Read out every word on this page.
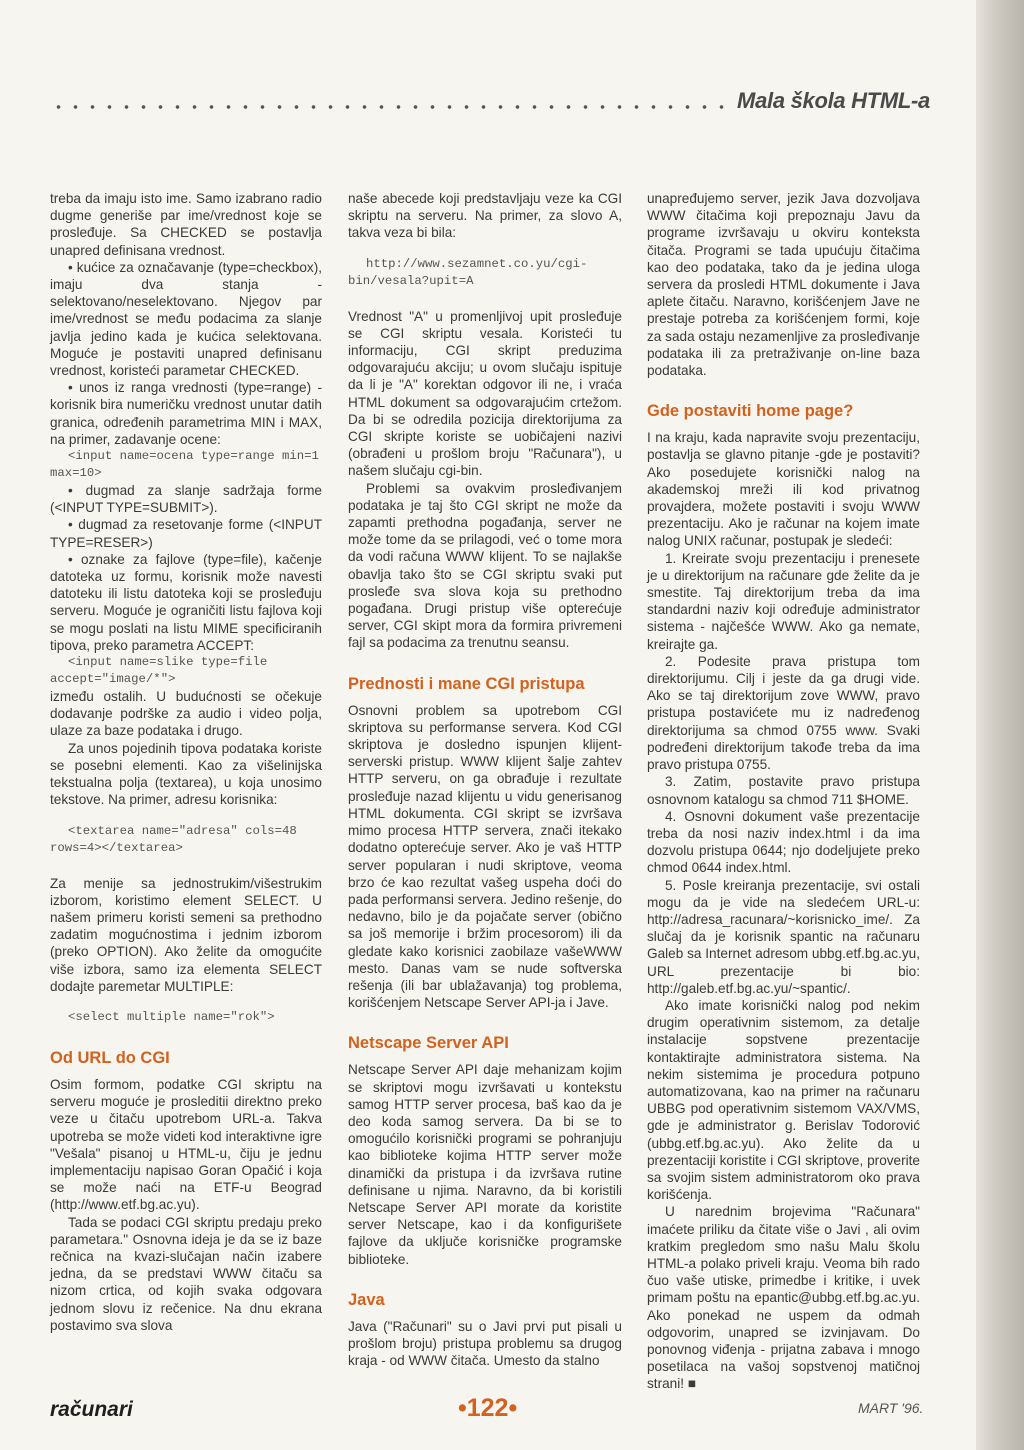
Mala škola HTML-a

treba da imaju isto ime. Samo izabrano radio dugme generiše par ime/vrednost koje se prosleđuje. Sa CHECKED se postavlja unapred definisana vrednost.

• kućice za označavanje (type=checkbox), imaju dva stanja - selektovano/neselektovano. Njegov par ime/vrednost se među podacima za slanje javlja jedino kada je kućica selektovana. Moguće je postaviti unapred definisanu vrednost, koristeći parametar CHECKED.

• unos iz ranga vrednosti (type=range) - korisnik bira numeričku vrednost unutar datih granica, određenih parametrima MIN i MAX, na primer, zadavanje ocene:

<input name=ocena type=range min=1 max=10>

• dugmad za slanje sadržaja forme (<INPUT TYPE=SUBMIT>).

• dugmad za resetovanje forme (<INPUT TYPE=RESER>)

• oznake za fajlove (type=file), kačenje datoteka uz formu, korisnik može navesti datoteku ili listu datoteka koji se prosleđuju serveru. Moguće je ograničiti listu fajlova koji se mogu poslati na listu MIME specificiranih tipova, preko parametra ACCEPT:

<input name=slike type=file accept="image/*">

između ostalih. U budućnosti se očekuje dodavanje podrške za audio i video polja, ulaze za baze podataka i drugo.

Za unos pojedinih tipova podataka koriste se posebni elementi. Kao za višelinijska tekstualna polja (textarea), u koja unosimo tekstove. Na primer, adresu korisnika:

<textarea name="adresa" cols=48 rows=4></textarea>

Za menije sa jednostrukim/višestrukim izborom, koristimo element SELECT. U našem primeru koristi semeni sa prethodno zadatim mogućnostima i jednim izborom (preko OPTION). Ako želite da omogućite više izbora, samo iza elementa SELECT dodajte paremetar MULTIPLE:

<select multiple name="rok">

Od URL do CGI

Osim formom, podatke CGI skriptu na serveru moguće je prosleditii direktno preko veze u čitaču upotrebom URL-a. Takva upotreba se može videti kod interaktivne igre "Vešala" pisanoj u HTML-u, čiju je jednu implementaciju napisao Goran Opačić i koja se može naći na ETF-u Beograd (http://www.etf.bg.ac.yu).

Tada se podaci CGI skriptu predaju preko parametara." Osnovna ideja je da se iz baze rečnica na kvazi-slučajan način izabere jedna, da se predstavi WWW čitaču sa nizom crtica, od kojih svaka odgovara jednom slovu iz rečenice. Na dnu ekrana postavimo sva slova

naše abecede koji predstavljaju veze ka CGI skriptu na serveru. Na primer, za slovo A, takva veza bi bila:

http://www.sezamnet.co.yu/cgi-bin/vesala?upit=A

Vrednost "A" u promenljivoj upit prosleđuje se CGI skriptu vesala. Koristeći tu informaciju, CGI skript preduzima odgovarajuću akciju; u ovom slučaju ispituje da li je "A" korektan odgovor ili ne, i vraća HTML dokument sa odgovarajućim crtežom. Da bi se odredila pozicija direktorijuma za CGI skripte koriste se uobičajeni nazivi (obrađeni u prošlom broju "Računara"), u našem slučaju cgi-bin.

Problemi sa ovakvim prosleđivanjem podataka je taj što CGI skript ne može da zapamti prethodna pogađanja, server ne može tome da se prilagodi, već o tome mora da vodi računa WWW klijent. To se najlakše obavlja tako što se CGI skriptu svaki put prosleđe sva slova koja su prethodno pogađana. Drugi pristup više opterećuje server, CGI skipt mora da formira privremeni fajl sa podacima za trenutnu seansu.

Prednosti i mane CGI pristupa

Osnovni problem sa upotrebom CGI skriptova su performanse servera. Kod CGI skriptova je dosledno ispunjen klijent-serverski pristup. WWW klijent šalje zahtev HTTP serveru, on ga obrađuje i rezultate prosleđuje nazad klijentu u vidu generisanog HTML dokumenta. CGI skript se izvršava mimo procesa HTTP servera, znači itekako dodatno opterećuje server. Ako je vaš HTTP server popularan i nudi skriptove, veoma brzo će kao rezultat vašeg uspeha doći do pada performansi servera. Jedino rešenje, do nedavno, bilo je da pojačate server (obično sa još memorije i bržim procesorom) ili da gledate kako korisnici zaobilaze vašeWWW mesto. Danas vam se nude softverska rešenja (ili bar ublažavanja) tog problema, korišćenjem Netscape Server API-ja i Jave.

Netscape Server API

Netscape Server API daje mehanizam kojim se skriptovi mogu izvršavati u kontekstu samog HTTP server procesa, baš kao da je deo koda samog servera. Da bi se to omogućilo korisnički programi se pohranjuju kao biblioteke kojima HTTP server može dinamički da pristupa i da izvršava rutine definisane u njima. Naravno, da bi koristili Netscape Server API morate da koristite server Netscape, kao i da konfigurišete fajlove da uključe korisničke programske biblioteke.

Java

Java ("Računari" su o Javi prvi put pisali u prošlom broju) pristupa problemu sa drugog kraja - od WWW čitača. Umesto da stalno

unapređujemo server, jezik Java dozvoljava WWW čitačima koji prepoznaju Javu da programe izvršavaju u okviru konteksta čitača. Programi se tada upućuju čitačima kao deo podataka, tako da je jedina uloga servera da prosledi HTML dokumente i Java aplete čitaču. Naravno, korišćenjem Jave ne prestaje potreba za korišćenjem formi, koje za sada ostaju nezamenljive za prosleđivanje podataka ili za pretraživanje on-line baza podataka.

Gde postaviti home page?

I na kraju, kada napravite svoju prezentaciju, postavlja se glavno pitanje -gde je postaviti? Ako posedujete korisnički nalog na akademskoj mreži ili kod privatnog provajdera, možete postaviti i svoju WWW prezentaciju. Ako je računar na kojem imate nalog UNIX računar, postupak je sledeći:

1. Kreirate svoju prezentaciju i prenesete je u direktorijum na računare gde želite da je smestite. Taj direktorijum treba da ima standardni naziv koji određuje administrator sistema - najčešće WWW. Ako ga nemate, kreirajte ga.

2. Podesite prava pristupa tom direktorijumu. Cilj i jeste da ga drugi vide. Ako se taj direktorijum zove WWW, pravo pristupa postavićete mu iz nadređenog direktorijuma sa chmod 0755 www. Svaki podređeni direktorijum takođe treba da ima pravo pristupa 0755.

3. Zatim, postavite pravo pristupa osnovnom katalogu sa chmod 711 $HOME.

4. Osnovni dokument vaše prezentacije treba da nosi naziv index.html i da ima dozvolu pristupa 0644; njo dodeljujete preko chmod 0644 index.html.

5. Posle kreiranja prezentacije, svi ostali mogu da je vide na sledećem URL-u: http://adresa_racunara/~korisnicko_ime/. Za slučaj da je korisnik spantic na računaru Galeb sa Internet adresom ubbg.etf.bg.ac.yu, URL prezentacije bi bio: http://galeb.etf.bg.ac.yu/~spantic/.

Ako imate korisnički nalog pod nekim drugim operativnim sistemom, za detalje instalacije sopstvene prezentacije kontaktirajte administratora sistema. Na nekim sistemima je procedura potpuno automatizovana, kao na primer na računaru UBBG pod operativnim sistemom VAX/VMS, gde je administrator g. Berislav Todorović (ubbg.etf.bg.ac.yu). Ako želite da u prezentaciji koristite i CGI skriptove, proverite sa svojim sistem administratorom oko prava korišćenja.

U narednim brojevima "Računara" imaćete priliku da čitate više o Javi , ali ovim kratkim pregledom smo našu Malu školu HTML-a polako priveli kraju. Veoma bih rado čuo vaše utiske, primedbe i kritike, i uvek primam poštu na epantic@ubbg.etf.bg.ac.yu. Ako ponekad ne uspem da odmah odgovorim, unapred se izvinjavam. Do ponovnog viđenja - prijatna zabava i mnogo posetilaca na vašoj sopstvenoj matičnoj strani! ■

računari	•122•	MART '96.
